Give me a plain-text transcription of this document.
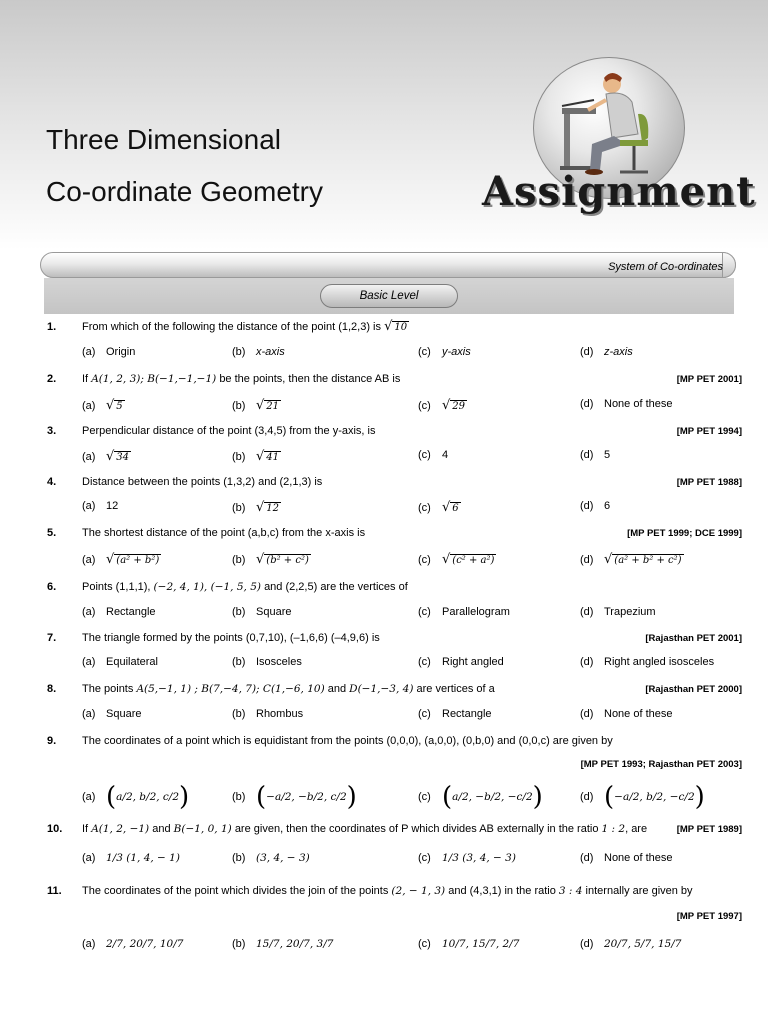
Three Dimensional
Co-ordinate Geometry	Assignment
System of Co-ordinates
Basic Level
1. From which of the following the distance of the point (1,2,3) is √ 10
(a) Origin	(b) x-axis	(c) y-axis	(d) z-axis
2. If A(1, 2, 3); B(−1,−1,−1) be the points, then the distance AB is	[MP PET 2001]
(a) √ 5	(b) √ 21	(c) √ 29	(d) None of these
3. Perpendicular distance of the point (3,4,5) from the y-axis, is	[MP PET 1994]
(a) √ 34	(b) √ 41	(c) 4	(d) 5
4. Distance between the points (1,3,2) and (2,1,3) is	[MP PET 1988]
(a) 12	(b) √ 12	(c) √ 6	(d) 6
5. The shortest distance of the point (a,b,c) from the x-axis is	[MP PET 1999; DCE 1999]
(a) √ (a² + b²)	(b) √ (b² + c²)	(c) √ (c² + a²)	(d) √ (a² + b² + c²)
6. Points (1,1,1), (−2, 4, 1), (−1, 5, 5) and (2,2,5) are the vertices of
(a) Rectangle	(b) Square	(c) Parallelogram	(d) Trapezium
7. The triangle formed by the points (0,7,10), (–1,6,6) (–4,9,6) is	[Rajasthan PET 2001]
(a) Equilateral	(b) Isosceles	(c) Right angled	(d) Right angled isosceles
8. The points A(5,−1, 1) ; B(7,−4, 7); C(1,−6, 10) and D(−1,−3, 4) are vertices of a	[Rajasthan PET 2000]
(a) Square	(b) Rhombus	(c) Rectangle	(d) None of these
9. The coordinates of a point which is equidistant from the points (0,0,0), (a,0,0), (0,b,0) and (0,0,c) are given by
[MP PET 1993; Rajasthan PET 2003]
(a) (a/2, b/2, c/2)	(b) (−a/2, −b/2, c/2)	(c) (a/2, −b/2, −c/2)	(d) (−a/2, b/2, −c/2)
10. If A(1, 2, −1) and B(−1, 0, 1) are given, then the coordinates of P which divides AB externally in the ratio 1 : 2, are	[MP PET 1989]
(a) 1/3 (1, 4, − 1)	(b) (3, 4, − 3)	(c) 1/3 (3, 4, − 3)	(d) None of these
11. The coordinates of the point which divides the join of the points (2, − 1, 3) and (4,3,1) in the ratio 3 : 4 internally are given by
[MP PET 1997]
(a) 2/7, 20/7, 10/7	(b) 15/7, 20/7, 3/7	(c) 10/7, 15/7, 2/7	(d) 20/7, 5/7, 15/7
